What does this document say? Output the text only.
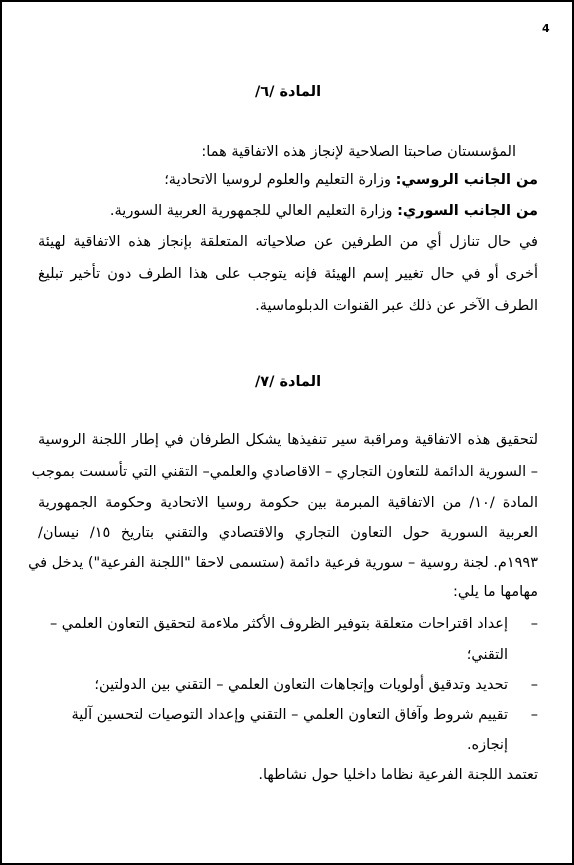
4
المادة /٦/
المؤسستان صاحبتا الصلاحية لإنجاز هذه الاتفاقية هما:
من الجانب الروسي: وزارة التعليم والعلوم لروسيا الاتحادية؛
من الجانب السوري: وزارة التعليم العالي للجمهورية العربية السورية.
في حال تنازل أي من الطرفين عن صلاحياته المتعلقة بإنجاز هذه الاتفاقية لهيئة
أخرى أو في حال تغيير إسم الهيئة فإنه يتوجب على هذا الطرف دون تأخير تبليغ
الطرف الآخر عن ذلك عبر القنوات الدبلوماسية.
المادة /٧/
لتحقيق هذه الاتفاقية ومراقبة سير تنفيذها يشكل الطرفان في إطار اللجنة الروسية
– السورية الدائمة للتعاون التجاري – الاقاصادي والعلمي– التقني التي تأسست بموجب
المادة /١٠/ من الاتفاقية المبرمة بين حكومة روسيا الاتحادية وحكومة الجمهورية
العربية السورية حول التعاون التجاري والاقتصادي والتقني بتاريخ ١٥/ نيسان/
١٩٩٣م. لجنة روسية – سورية فرعية دائمة (ستسمى لاحقا "اللجنة الفرعية") يدخل في
مهامها ما يلي:
–
إعداد اقتراحات متعلقة بتوفير الظروف الأكثر ملاءمة لتحقيق التعاون العلمي –
التقني؛
–
تحديد وتدقيق أولويات وإتجاهات التعاون العلمي – التقني بين الدولتين؛
–
تقييم شروط وآفاق التعاون العلمي – التقني وإعداد التوصيات لتحسين آلية
إنجازه.
تعتمد اللجنة الفرعية نظاما داخليا حول نشاطها.
